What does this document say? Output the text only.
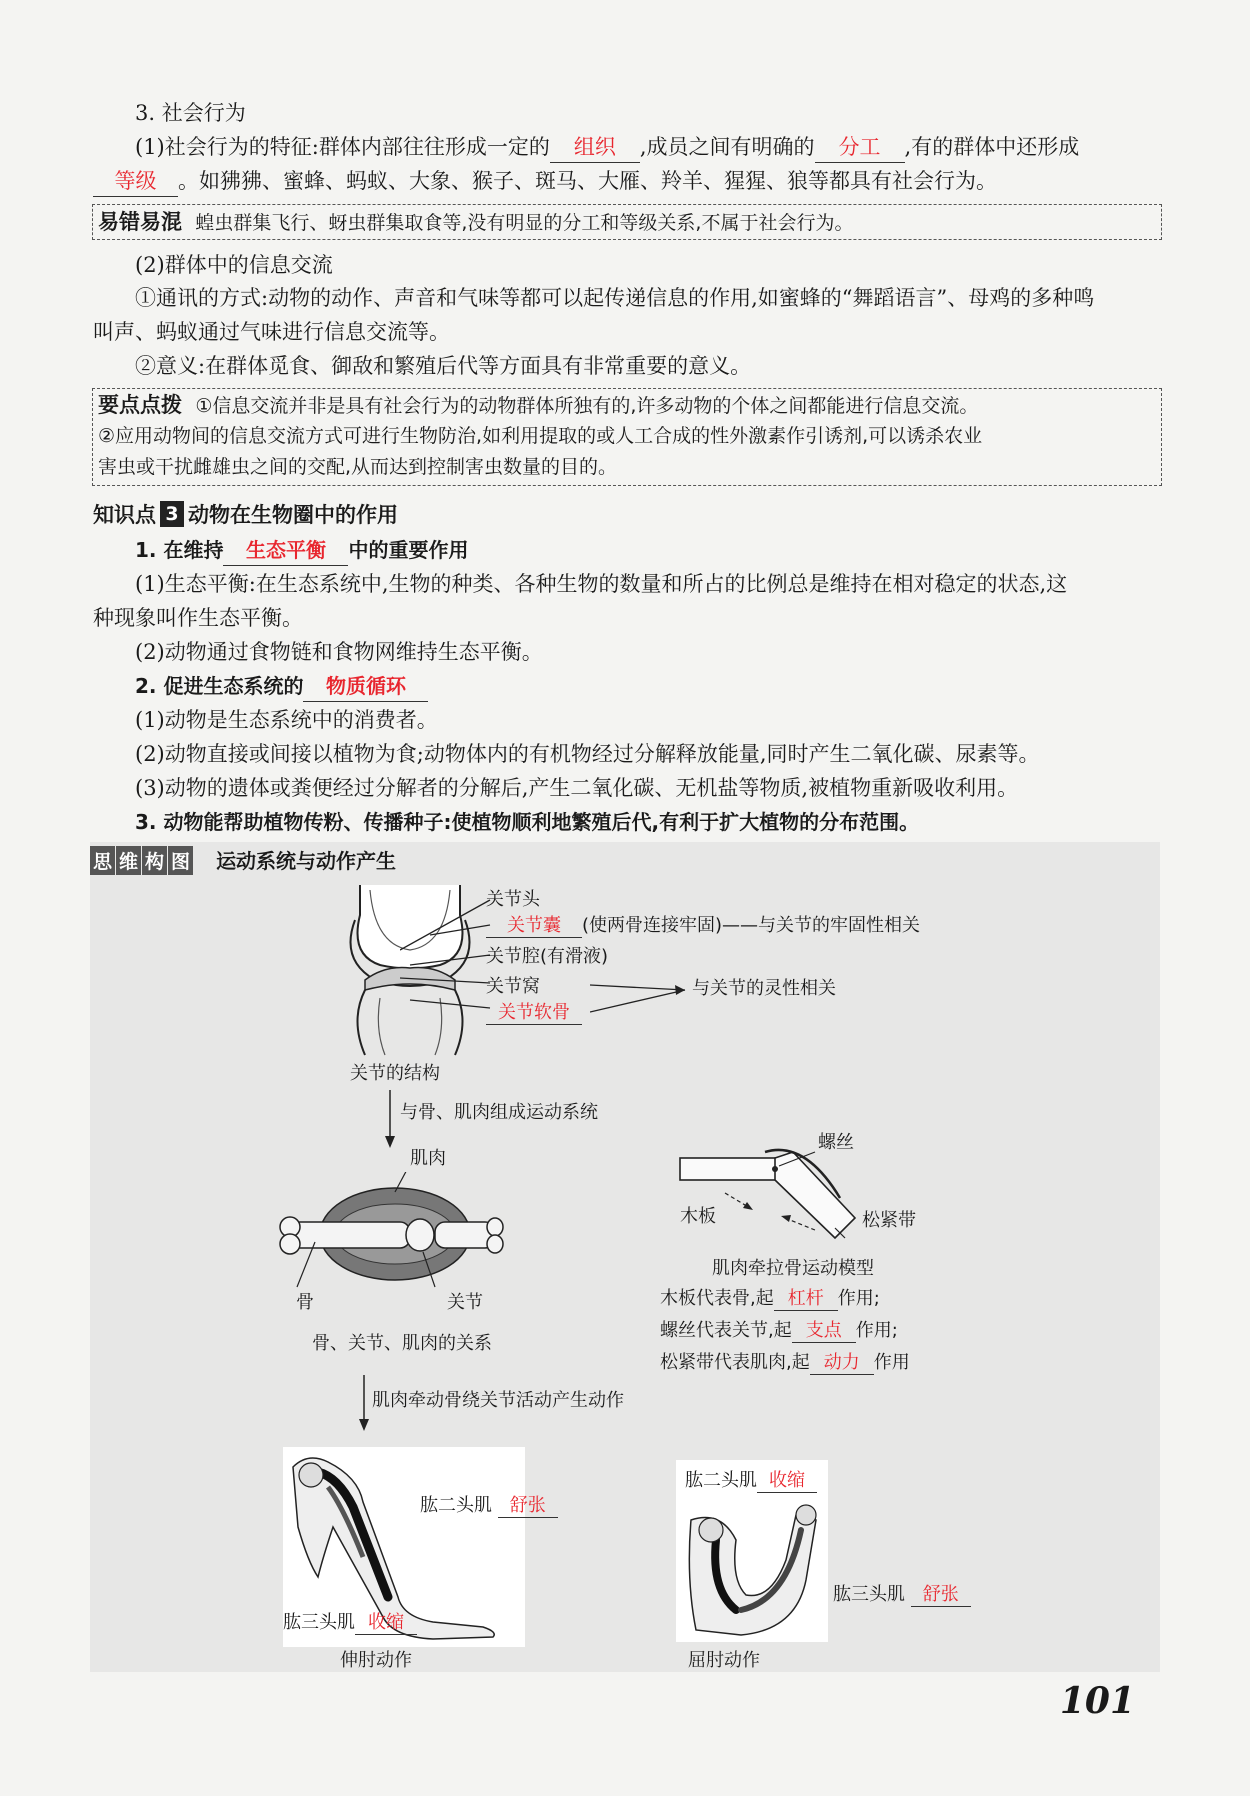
3. 社会行为
(1)社会行为的特征:群体内部往往形成一定的 组织 ,成员之间有明确的 分工 ,有的群体中还形成
等级 。如狒狒、蜜蜂、蚂蚁、大象、猴子、斑马、大雁、羚羊、猩猩、狼等都具有社会行为。
易错易混 蝗虫群集飞行、蚜虫群集取食等,没有明显的分工和等级关系,不属于社会行为。
(2)群体中的信息交流
①通讯的方式:动物的动作、声音和气味等都可以起传递信息的作用,如蜜蜂的“舞蹈语言”、母鸡的多种鸣
叫声、蚂蚁通过气味进行信息交流等。
②意义:在群体觅食、御敌和繁殖后代等方面具有非常重要的意义。
要点点拨 ①信息交流并非是具有社会行为的动物群体所独有的,许多动物的个体之间都能进行信息交流。
②应用动物间的信息交流方式可进行生物防治,如利用提取的或人工合成的性外激素作引诱剂,可以诱杀农业
害虫或干扰雌雄虫之间的交配,从而达到控制害虫数量的目的。
知识点 3 动物在生物圈中的作用
1. 在维持 生态平衡 中的重要作用
(1)生态平衡:在生态系统中,生物的种类、各种生物的数量和所占的比例总是维持在相对稳定的状态,这
种现象叫作生态平衡。
(2)动物通过食物链和食物网维持生态平衡。
2. 促进生态系统的 物质循环
(1)动物是生态系统中的消费者。
(2)动物直接或间接以植物为食;动物体内的有机物经过分解释放能量,同时产生二氧化碳、尿素等。
(3)动物的遗体或粪便经过分解者的分解后,产生二氧化碳、无机盐等物质,被植物重新吸收利用。
3. 动物能帮助植物传粉、传播种子:使植物顺利地繁殖后代,有利于扩大植物的分布范围。
思 维 构 图 运动系统与动作产生
关节头
关节囊 (使两骨连接牢固)——与关节的牢固性相关
关节腔(有滑液)
关节窝
关节软骨
与关节的灵性相关
关节的结构
与骨、肌肉组成运动系统
肌肉
骨	关节
骨、关节、肌肉的关系
螺丝
木板	松紧带
肌肉牵拉骨运动模型
木板代表骨,起 杠杆 作用;
螺丝代表关节,起 支点 作用;
松紧带代表肌肉,起 动力 作用
肌肉牵动骨绕关节活动产生动作
肱二头肌 舒张
肱三头肌 收缩
伸肘动作
肱二头肌 收缩
肱三头肌 舒张
屈肘动作
101
